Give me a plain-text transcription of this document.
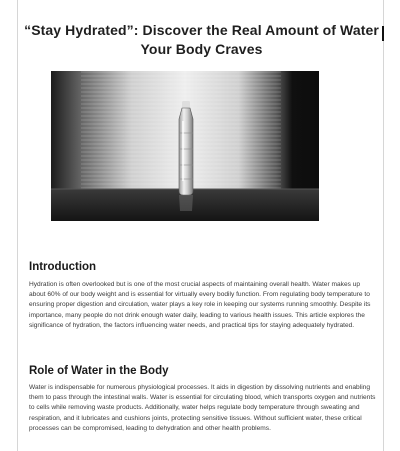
“Stay Hydrated”: Discover the Real Amount of Water Your Body Craves
Introduction
Hydration is often overlooked but is one of the most crucial aspects of maintaining overall health. Water makes up about 60% of our body weight and is essential for virtually every bodily function. From regulating body temperature to ensuring proper digestion and circulation, water plays a key role in keeping our systems running smoothly. Despite its importance, many people do not drink enough water daily, leading to various health issues. This article explores the significance of hydration, the factors influencing water needs, and practical tips for staying adequately hydrated.
Role of Water in the Body
Water is indispensable for numerous physiological processes. It aids in digestion by dissolving nutrients and enabling them to pass through the intestinal walls. Water is essential for circulating blood, which transports oxygen and nutrients to cells while removing waste products. Additionally, water helps regulate body temperature through sweating and respiration, and it lubricates and cushions joints, protecting sensitive tissues. Without sufficient water, these critical processes can be compromised, leading to dehydration and other health problems.
